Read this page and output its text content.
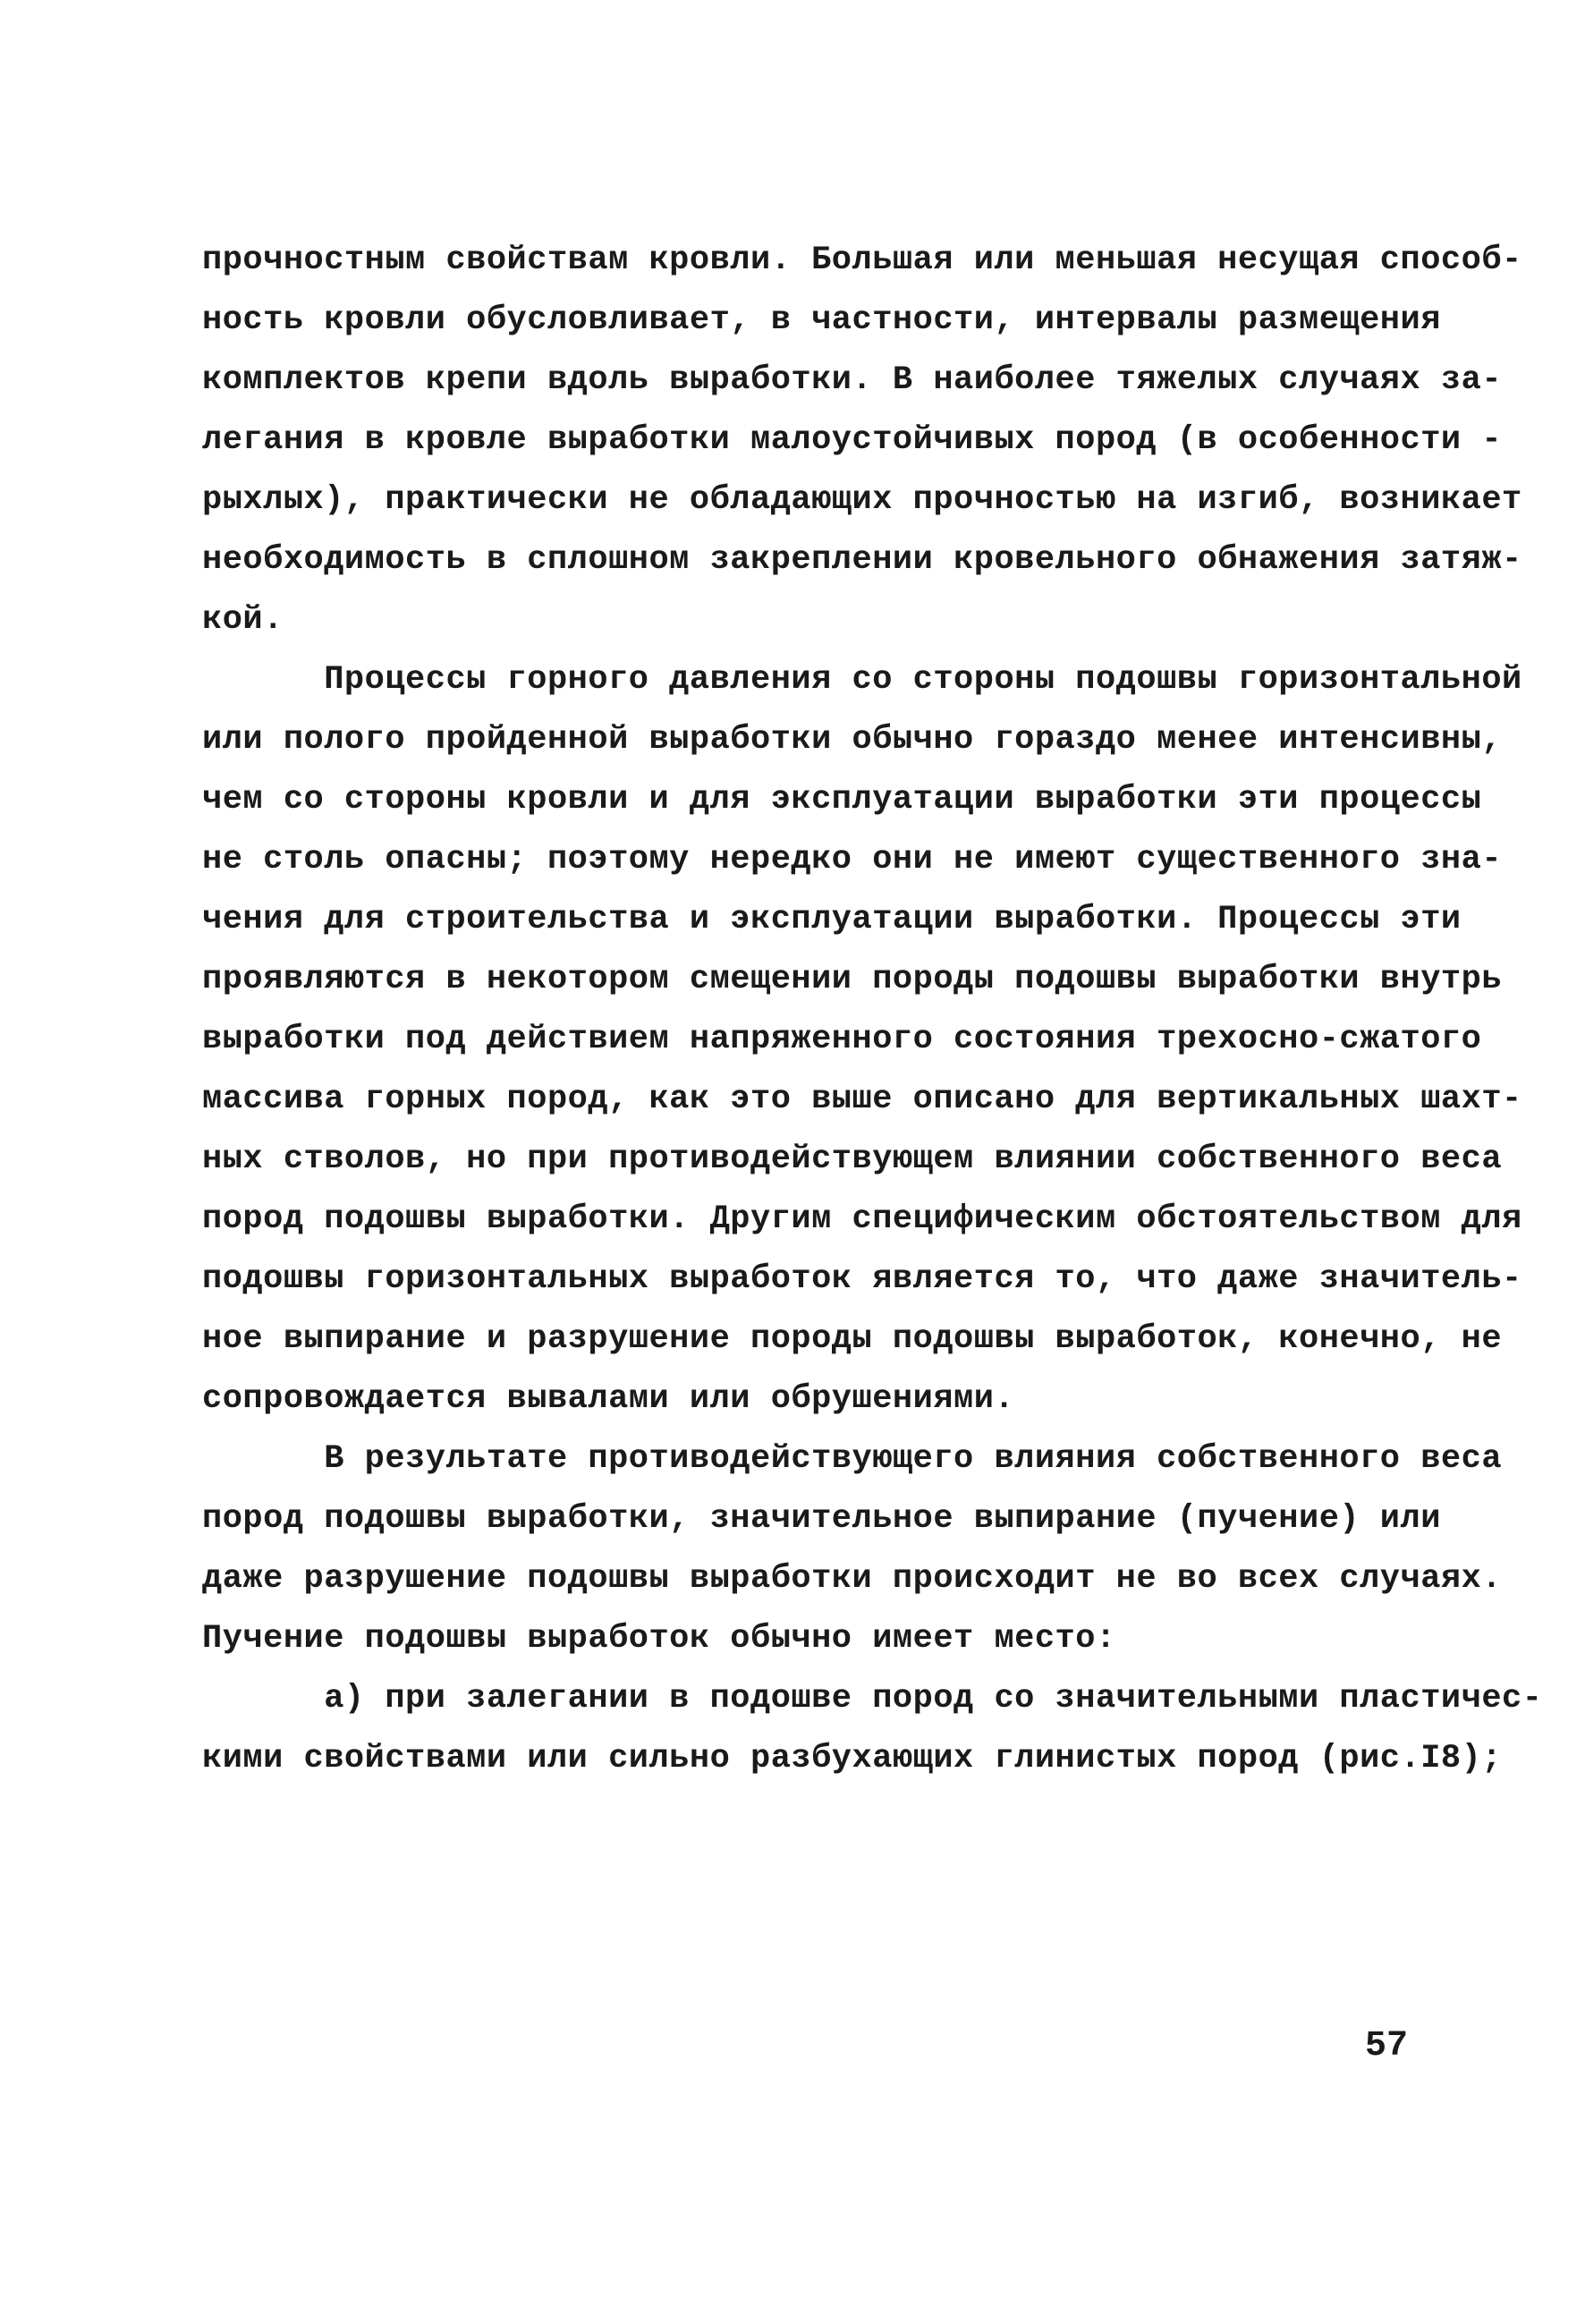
прочностным свойствам кровли. Большая или меньшая несущая способ-
ность кровли обусловливает, в частности, интервалы размещения
комплектов крепи вдоль выработки. В наиболее тяжелых случаях за-
легания в кровле выработки малоустойчивых пород (в особенности -
рыхлых), практически не обладающих прочностью на изгиб, возникает
необходимость в сплошном закреплении кровельного обнажения затяж-
кой.
Процессы горного давления со стороны подошвы горизонтальной
или полого пройденной выработки обычно гораздо менее интенсивны,
чем со стороны кровли и для эксплуатации выработки эти процессы
не столь опасны; поэтому нередко они не имеют существенного зна-
чения для строительства и эксплуатации выработки. Процессы эти
проявляются в некотором смещении породы подошвы выработки внутрь
выработки под действием напряженного состояния трехосно-сжатого
массива горных пород, как это выше описано для вертикальных шахт-
ных стволов, но при противодействующем влиянии собственного веса
пород подошвы выработки. Другим специфическим обстоятельством для
подошвы горизонтальных выработок является то, что даже значитель-
ное выпирание и разрушение породы подошвы выработок, конечно, не
сопровождается вывалами или обрушениями.
В результате противодействующего влияния собственного веса
пород подошвы выработки, значительное выпирание (пучение) или
даже разрушение подошвы выработки происходит не во всех случаях.
Пучение подошвы выработок обычно имеет место:
а) при залегании в подошве пород со значительными пластичес-
кими свойствами или сильно разбухающих глинистых пород (рис.I8);
57
